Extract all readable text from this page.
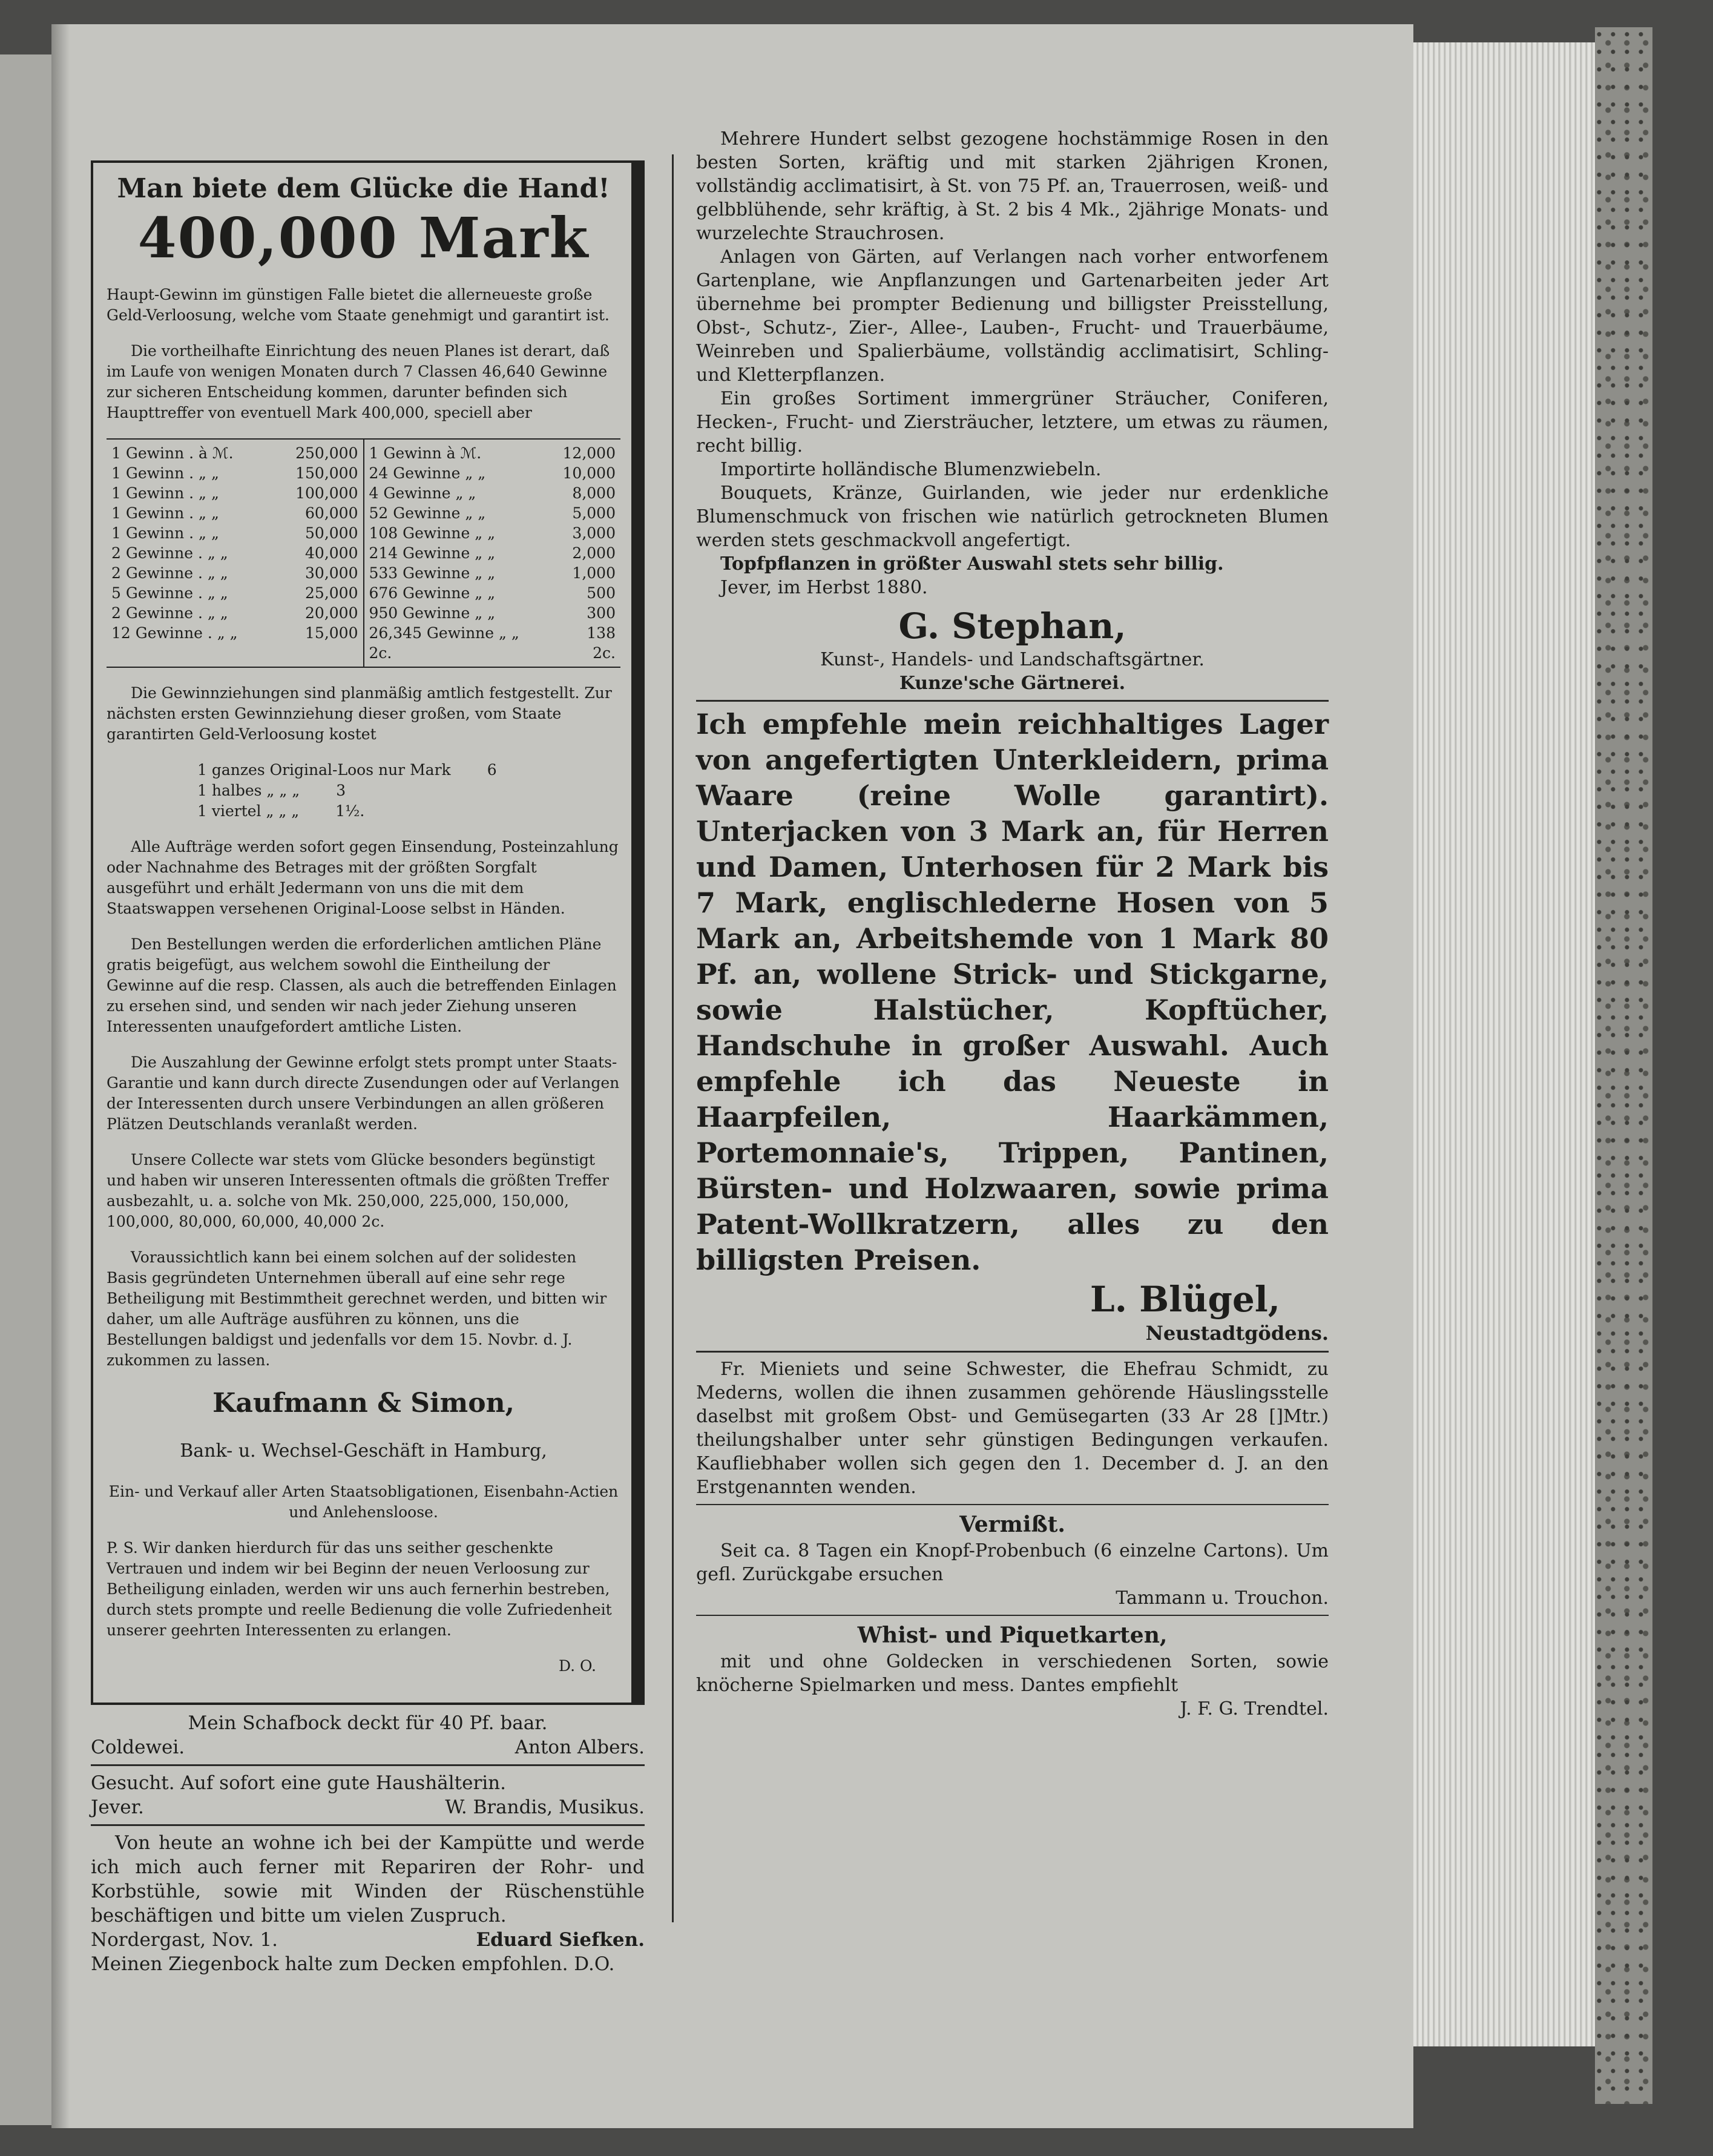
Man biete dem Glücke die Hand!
400,000 Mark

Haupt-Gewinn im günstigen Falle bietet die allerneueste große Geld-Verloosung, welche vom Staate genehmigt und garantirt ist.

Die vortheilhafte Einrichtung des neuen Planes ist derart, daß im Laufe von wenigen Monaten durch 7 Classen 46,640 Gewinne zur sicheren Entscheidung kommen, darunter befinden sich Haupttreffer von eventuell Mark 400,000, speciell aber

1 Gewinn . à ℳ.	250,000
1 Gewinn . „ „	150,000
1 Gewinn . „ „	100,000
1 Gewinn . „ „	60,000
1 Gewinn . „ „	50,000
2 Gewinne . „ „	40,000
2 Gewinne . „ „	30,000
5 Gewinne . „ „	25,000
2 Gewinne . „ „	20,000
12 Gewinne . „ „	15,000
1 Gewinn à ℳ.	12,000
24 Gewinne „ „	10,000
4 Gewinne „ „	8,000
52 Gewinne „ „	5,000
108 Gewinne „ „	3,000
214 Gewinne „ „	2,000
533 Gewinne „ „	1,000
676 Gewinne „ „	500
950 Gewinne „ „	300
26,345 Gewinne „ „	138
2c.	2c.

Die Gewinnziehungen sind planmäßig amtlich festgestellt. Zur nächsten ersten Gewinnziehung dieser großen, vom Staate garantirten Geld-Verloosung kostet

1 ganzes Original-Loos nur Mark 6
1 halbes „ „ „ 3
1 viertel „ „ „ 1½.

Alle Aufträge werden sofort gegen Einsendung, Posteinzahlung oder Nachnahme des Betrages mit der größten Sorgfalt ausgeführt und erhält Jedermann von uns die mit dem Staatswappen versehenen Original-Loose selbst in Händen.

Den Bestellungen werden die erforderlichen amtlichen Pläne gratis beigefügt, aus welchem sowohl die Eintheilung der Gewinne auf die resp. Classen, als auch die betreffenden Einlagen zu ersehen sind, und senden wir nach jeder Ziehung unseren Interessenten unaufgefordert amtliche Listen.

Die Auszahlung der Gewinne erfolgt stets prompt unter Staats-Garantie und kann durch directe Zusendungen oder auf Verlangen der Interessenten durch unsere Verbindungen an allen größeren Plätzen Deutschlands veranlaßt werden.

Unsere Collecte war stets vom Glücke besonders begünstigt und haben wir unseren Interessenten oftmals die größten Treffer ausbezahlt, u. a. solche von Mk. 250,000, 225,000, 150,000, 100,000, 80,000, 60,000, 40,000 2c.

Voraussichtlich kann bei einem solchen auf der solidesten Basis gegründeten Unternehmen überall auf eine sehr rege Betheiligung mit Bestimmtheit gerechnet werden, und bitten wir daher, um alle Aufträge ausführen zu können, uns die Bestellungen baldigst und jedenfalls vor dem 15. Novbr. d. J. zukommen zu lassen.

Kaufmann & Simon,

Bank- u. Wechsel-Geschäft in Hamburg,

Ein- und Verkauf aller Arten Staatsobligationen, Eisenbahn-Actien und Anlehensloose.

P. S. Wir danken hierdurch für das uns seither geschenkte Vertrauen und indem wir bei Beginn der neuen Verloosung zur Betheiligung einladen, werden wir uns auch fernerhin bestreben, durch stets prompte und reelle Bedienung die volle Zufriedenheit unserer geehrten Interessenten zu erlangen.

D. O.

Mein Schafbock deckt für 40 Pf. baar.

Coldewei.	Anton Albers.

Gesucht. Auf sofort eine gute Haushälterin.

Jever.	W. Brandis, Musikus.

Von heute an wohne ich bei der Kampütte und werde ich mich auch ferner mit Repariren der Rohr- und Korbstühle, sowie mit Winden der Rüschenstühle beschäftigen und bitte um vielen Zuspruch.

Nordergast, Nov. 1.	Eduard Siefken.

Meinen Ziegenbock halte zum Decken empfohlen. D.O.

Mehrere Hundert selbst gezogene hochstämmige Rosen in den besten Sorten, kräftig und mit starken 2jährigen Kronen, vollständig acclimatisirt, à St. von 75 Pf. an, Trauerrosen, weiß- und gelbblühende, sehr kräftig, à St. 2 bis 4 Mk., 2jährige Monats- und wurzelechte Strauchrosen.

Anlagen von Gärten, auf Verlangen nach vorher entworfenem Gartenplane, wie Anpflanzungen und Gartenarbeiten jeder Art übernehme bei prompter Bedienung und billigster Preisstellung, Obst-, Schutz-, Zier-, Allee-, Lauben-, Frucht- und Trauerbäume, Weinreben und Spalierbäume, vollständig acclimatisirt, Schling- und Kletterpflanzen.

Ein großes Sortiment immergrüner Sträucher, Coniferen, Hecken-, Frucht- und Ziersträucher, letztere, um etwas zu räumen, recht billig.

Importirte holländische Blumenzwiebeln.

Bouquets, Kränze, Guirlanden, wie jeder nur erdenkliche Blumenschmuck von frischen wie natürlich getrockneten Blumen werden stets geschmackvoll angefertigt.

Topfpflanzen in größter Auswahl stets sehr billig.

Jever, im Herbst 1880.

G. Stephan,

Kunst-, Handels- und Landschaftsgärtner.

Kunze'sche Gärtnerei.

Ich empfehle mein reichhaltiges Lager von angefertigten Unterkleidern, prima Waare (reine Wolle garantirt). Unterjacken von 3 Mark an, für Herren und Damen, Unterhosen für 2 Mark bis 7 Mark, englischlederne Hosen von 5 Mark an, Arbeitshemde von 1 Mark 80 Pf. an, wollene Strick- und Stickgarne, sowie Halstücher, Kopftücher, Handschuhe in großer Auswahl. Auch empfehle ich das Neueste in Haarpfeilen, Haarkämmen, Portemonnaie's, Trippen, Pantinen, Bürsten- und Holzwaaren, sowie prima Patent-Wollkratzern, alles zu den billigsten Preisen.

L. Blügel,

Neustadtgödens.

Fr. Mieniets und seine Schwester, die Ehefrau Schmidt, zu Mederns, wollen die ihnen zusammen gehörende Häuslingsstelle daselbst mit großem Obst- und Gemüsegarten (33 Ar 28 []Mtr.) theilungshalber unter sehr günstigen Bedingungen verkaufen. Kaufliebhaber wollen sich gegen den 1. December d. J. an den Erstgenannten wenden.

Vermißt.

Seit ca. 8 Tagen ein Knopf-Probenbuch (6 einzelne Cartons). Um gefl. Zurückgabe ersuchen

Tammann u. Trouchon.

Whist- und Piquetkarten,

mit und ohne Goldecken in verschiedenen Sorten, sowie knöcherne Spielmarken und mess. Dantes empfiehlt

J. F. G. Trendtel.
